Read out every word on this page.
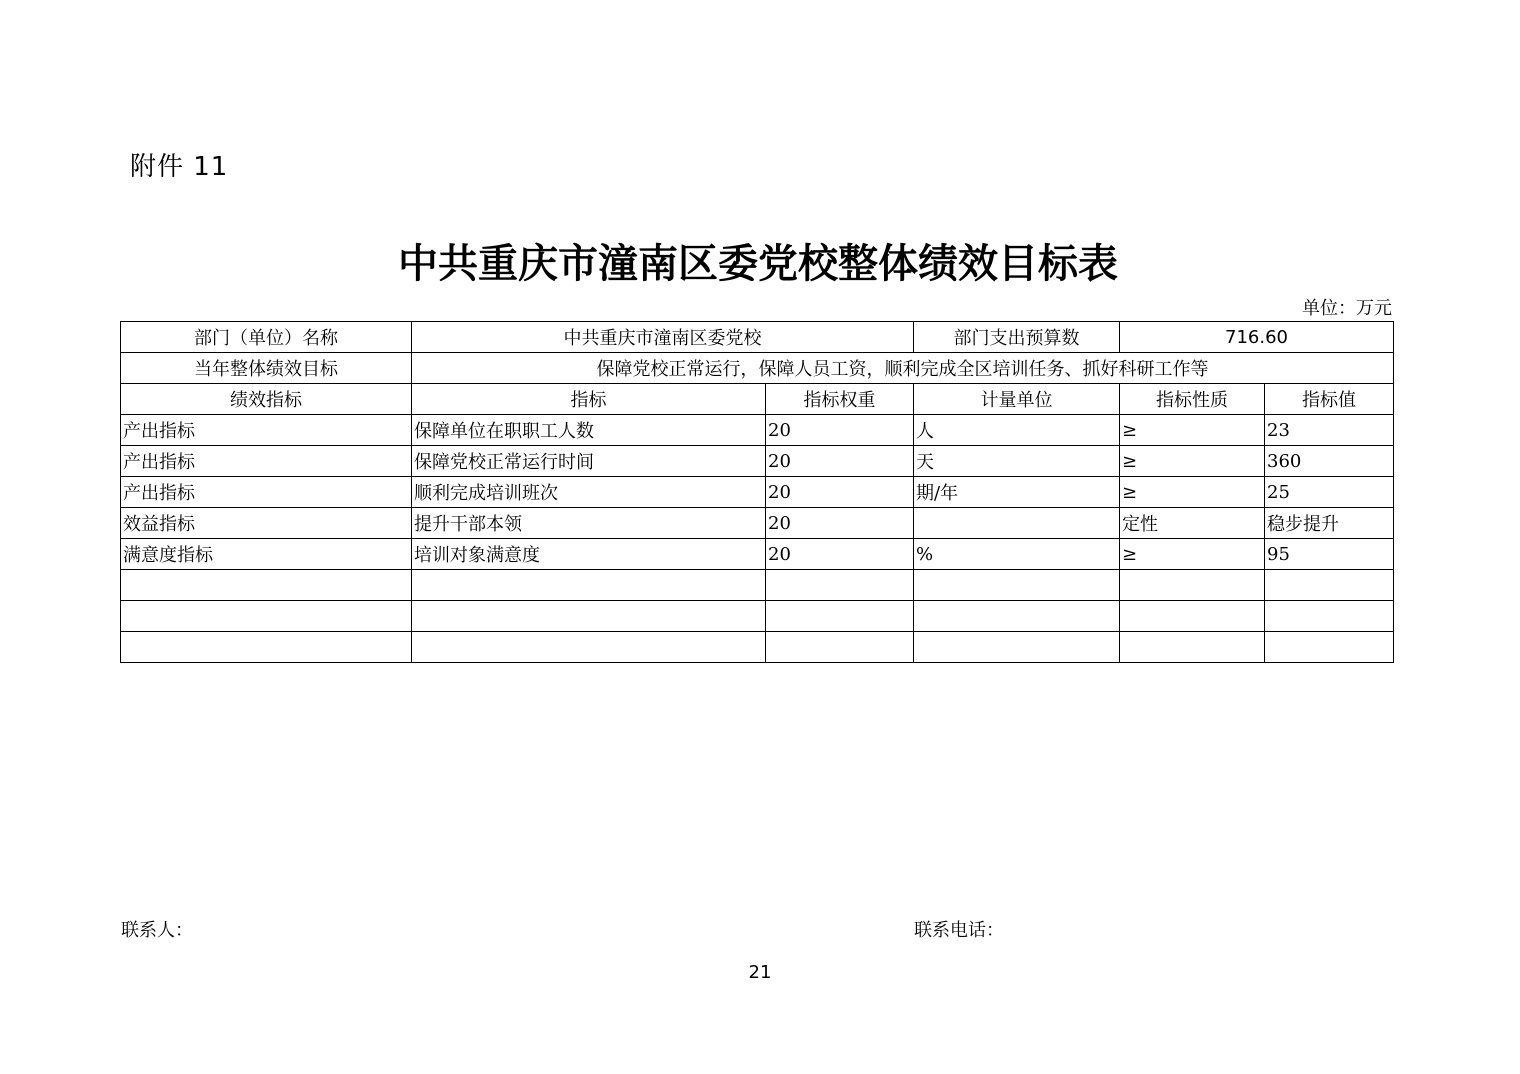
附件 11
中共重庆市潼南区委党校整体绩效目标表
单位：万元
部门（单位）名称	中共重庆市潼南区委党校		部门支出预算数	716.60	
当年整体绩效目标	保障党校正常运行，保障人员工资，顺利完成全区培训任务、抓好科研工作等				
绩效指标	指标	指标权重	计量单位	指标性质	指标值
产出指标	保障单位在职职工人数	20	人	≥	23
产出指标	保障党校正常运行时间	20	天	≥	360
产出指标	顺利完成培训班次	20	期/年	≥	25
效益指标	提升干部本领	20		定性	稳步提升
满意度指标	培训对象满意度	20	%	≥	95

联系人：	联系电话：
21
